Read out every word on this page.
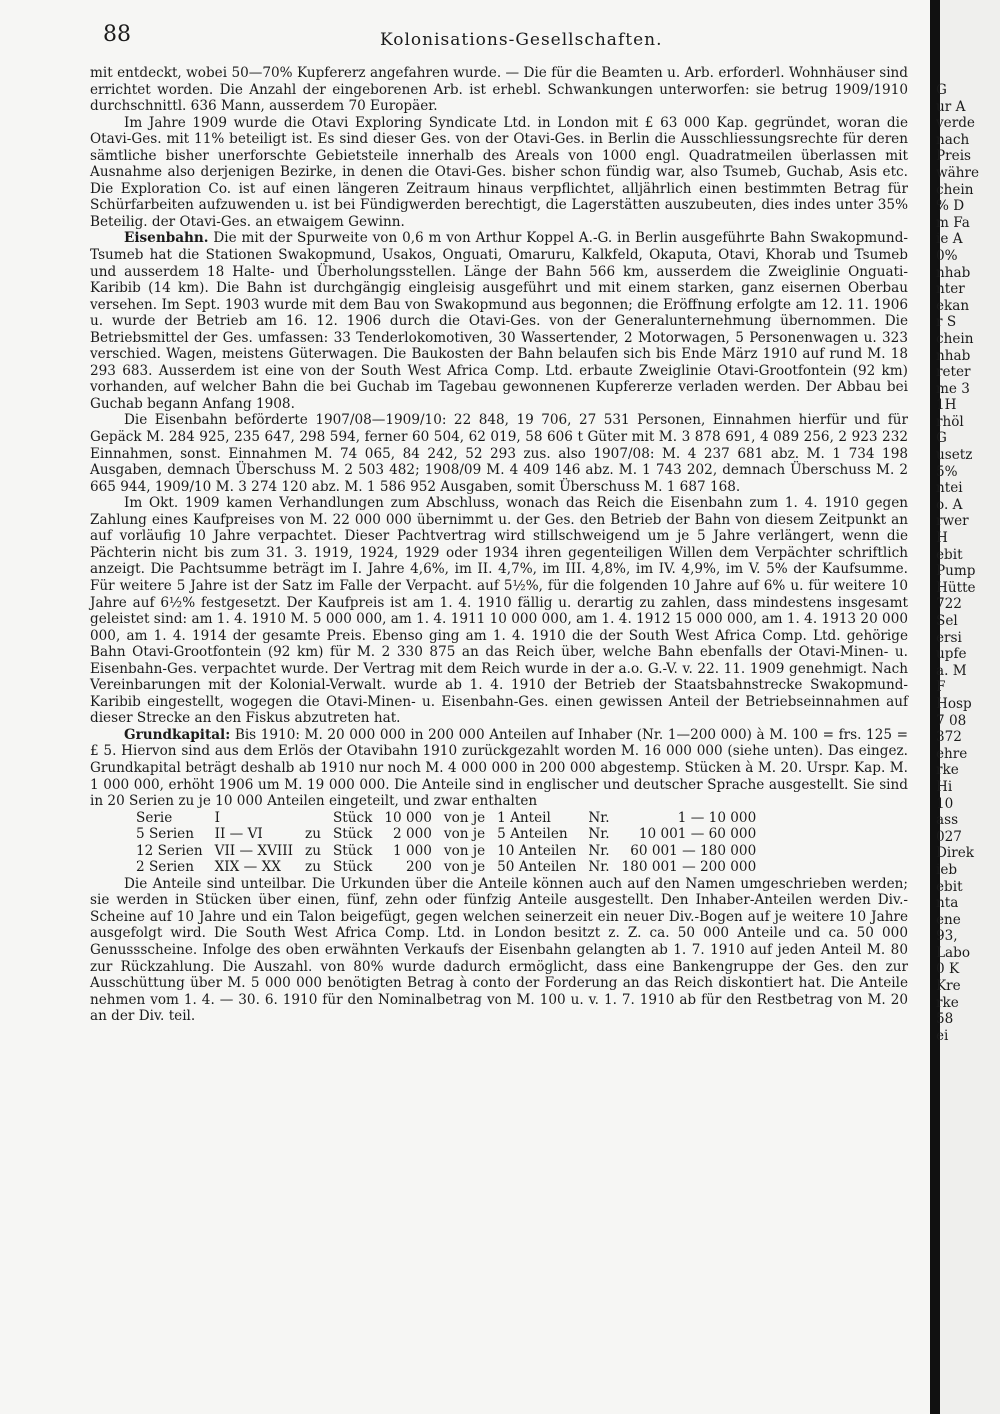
88	Kolonisations-Gesellschaften.

mit entdeckt, wobei 50—70% Kupfererz angefahren wurde. — Die für die Beamten u. Arb. erforderl. Wohnhäuser sind errichtet worden. Die Anzahl der eingeborenen Arb. ist erhebl. Schwankungen unterworfen: sie betrug 1909/1910 durchschnittl. 636 Mann, ausserdem 70 Europäer.

Im Jahre 1909 wurde die Otavi Exploring Syndicate Ltd. in London mit £ 63 000 Kap. gegründet, woran die Otavi-Ges. mit 11% beteiligt ist. Es sind dieser Ges. von der Otavi-Ges. in Berlin die Ausschliessungsrechte für deren sämtliche bisher unerforschte Gebietsteile innerhalb des Areals von 1000 engl. Quadratmeilen überlassen mit Ausnahme also derjenigen Bezirke, in denen die Otavi-Ges. bisher schon fündig war, also Tsumeb, Guchab, Asis etc. Die Exploration Co. ist auf einen längeren Zeitraum hinaus verpflichtet, alljährlich einen bestimmten Betrag für Schürfarbeiten aufzuwenden u. ist bei Fündigwerden berechtigt, die Lagerstätten auszubeuten, dies indes unter 35% Beteilig. der Otavi-Ges. an etwaigem Gewinn.

Eisenbahn. Die mit der Spurweite von 0,6 m von Arthur Koppel A.-G. in Berlin ausgeführte Bahn Swakopmund-Tsumeb hat die Stationen Swakopmund, Usakos, Onguati, Omaruru, Kalkfeld, Okaputa, Otavi, Khorab und Tsumeb und ausserdem 18 Halte- und Überholungsstellen. Länge der Bahn 566 km, ausserdem die Zweiglinie Onguati-Karibib (14 km). Die Bahn ist durchgängig eingleisig ausgeführt und mit einem starken, ganz eisernen Oberbau versehen. Im Sept. 1903 wurde mit dem Bau von Swakopmund aus begonnen; die Eröffnung erfolgte am 12. 11. 1906 u. wurde der Betrieb am 16. 12. 1906 durch die Otavi-Ges. von der Generalunternehmung übernommen. Die Betriebsmittel der Ges. umfassen: 33 Tenderlokomotiven, 30 Wassertender, 2 Motorwagen, 5 Personenwagen u. 323 verschied. Wagen, meistens Güterwagen. Die Baukosten der Bahn belaufen sich bis Ende März 1910 auf rund M. 18 293 683. Ausserdem ist eine von der South West Africa Comp. Ltd. erbaute Zweiglinie Otavi-Grootfontein (92 km) vorhanden, auf welcher Bahn die bei Guchab im Tagebau gewonnenen Kupfererze verladen werden. Der Abbau bei Guchab begann Anfang 1908.

Die Eisenbahn beförderte 1907/08—1909/10: 22 848, 19 706, 27 531 Personen, Einnahmen hierfür und für Gepäck M. 284 925, 235 647, 298 594, ferner 60 504, 62 019, 58 606 t Güter mit M. 3 878 691, 4 089 256, 2 923 232 Einnahmen, sonst. Einnahmen M. 74 065, 84 242, 52 293 zus. also 1907/08: M. 4 237 681 abz. M. 1 734 198 Ausgaben, demnach Überschuss M. 2 503 482; 1908/09 M. 4 409 146 abz. M. 1 743 202, demnach Überschuss M. 2 665 944, 1909/10 M. 3 274 120 abz. M. 1 586 952 Ausgaben, somit Überschuss M. 1 687 168.

Im Okt. 1909 kamen Verhandlungen zum Abschluss, wonach das Reich die Eisenbahn zum 1. 4. 1910 gegen Zahlung eines Kaufpreises von M. 22 000 000 übernimmt u. der Ges. den Betrieb der Bahn von diesem Zeitpunkt an auf vorläufig 10 Jahre verpachtet. Dieser Pachtvertrag wird stillschweigend um je 5 Jahre verlängert, wenn die Pächterin nicht bis zum 31. 3. 1919, 1924, 1929 oder 1934 ihren gegenteiligen Willen dem Verpächter schriftlich anzeigt. Die Pachtsumme beträgt im I. Jahre 4,6%, im II. 4,7%, im III. 4,8%, im IV. 4,9%, im V. 5% der Kaufsumme. Für weitere 5 Jahre ist der Satz im Falle der Verpacht. auf 5½%, für die folgenden 10 Jahre auf 6% u. für weitere 10 Jahre auf 6½% festgesetzt. Der Kaufpreis ist am 1. 4. 1910 fällig u. derartig zu zahlen, dass mindestens insgesamt geleistet sind: am 1. 4. 1910 M. 5 000 000, am 1. 4. 1911 10 000 000, am 1. 4. 1912 15 000 000, am 1. 4. 1913 20 000 000, am 1. 4. 1914 der gesamte Preis. Ebenso ging am 1. 4. 1910 die der South West Africa Comp. Ltd. gehörige Bahn Otavi-Grootfontein (92 km) für M. 2 330 875 an das Reich über, welche Bahn ebenfalls der Otavi-Minen- u. Eisenbahn-Ges. verpachtet wurde. Der Vertrag mit dem Reich wurde in der a.o. G.-V. v. 22. 11. 1909 genehmigt. Nach Vereinbarungen mit der Kolonial-Verwalt. wurde ab 1. 4. 1910 der Betrieb der Staatsbahnstrecke Swakopmund-Karibib eingestellt, wogegen die Otavi-Minen- u. Eisenbahn-Ges. einen gewissen Anteil der Betriebseinnahmen auf dieser Strecke an den Fiskus abzutreten hat.

Grundkapital: Bis 1910: M. 20 000 000 in 200 000 Anteilen auf Inhaber (Nr. 1—200 000) à M. 100 = frs. 125 = £ 5. Hiervon sind aus dem Erlös der Otavibahn 1910 zurückgezahlt worden M. 16 000 000 (siehe unten). Das eingez. Grundkapital beträgt deshalb ab 1910 nur noch M. 4 000 000 in 200 000 abgestemp. Stücken à M. 20. Urspr. Kap. M. 1 000 000, erhöht 1906 um M. 19 000 000. Die Anteile sind in englischer und deutscher Sprache ausgestellt. Sie sind in 20 Serien zu je 10 000 Anteilen eingeteilt, und zwar enthalten

Serie	I		Stück	10 000	von je	1 Anteil	Nr.	1 — 10 000
5 Serien	II — VI	zu	Stück	2 000	von je	5 Anteilen	Nr.	10 001 — 60 000
12 Serien	VII — XVIII	zu	Stück	1 000	von je	10 Anteilen	Nr.	60 001 — 180 000
2 Serien	XIX — XX	zu	Stück	200	von je	50 Anteilen	Nr.	180 001 — 200 000

Die Anteile sind unteilbar. Die Urkunden über die Anteile können auch auf den Namen umgeschrieben werden; sie werden in Stücken über einen, fünf, zehn oder fünfzig Anteile ausgestellt. Den Inhaber-Anteilen werden Div.-Scheine auf 10 Jahre und ein Talon beigefügt, gegen welchen seinerzeit ein neuer Div.-Bogen auf je weitere 10 Jahre ausgefolgt wird. Die South West Africa Comp. Ltd. in London besitzt z. Z. ca. 50 000 Anteile und ca. 50 000 Genussscheine. Infolge des oben erwähnten Verkaufs der Eisenbahn gelangten ab 1. 7. 1910 auf jeden Anteil M. 80 zur Rückzahlung. Die Auszahl. von 80% wurde dadurch ermöglicht, dass eine Bankengruppe der Ges. den zur Ausschüttung über M. 5 000 000 benötigten Betrag à conto der Forderung an das Reich diskontiert hat. Die Anteile nehmen vom 1. 4. — 30. 6. 1910 für den Nominalbetrag von M. 100 u. v. 1. 7. 1910 ab für den Restbetrag von M. 20 an der Div. teil.

G
ur A
verde
nach
Preis
währe
chein
% D
m Fa
ie A
0%
nhab
nter
ekan
r S
chein
nhab
reter
me 3
1H
rhöl
G
usetz
5%
ntei
o. A
rwer
H
ebit
Pump
Hütte
722
Sel
ersi
upfe
a. M
F
Hosp
7 08
372
ehre
rke
Hi
10
ass
027
Direk
ieb
ebit
nta
ene
93,
Labo
0 K
Kre
rke
58
ei
